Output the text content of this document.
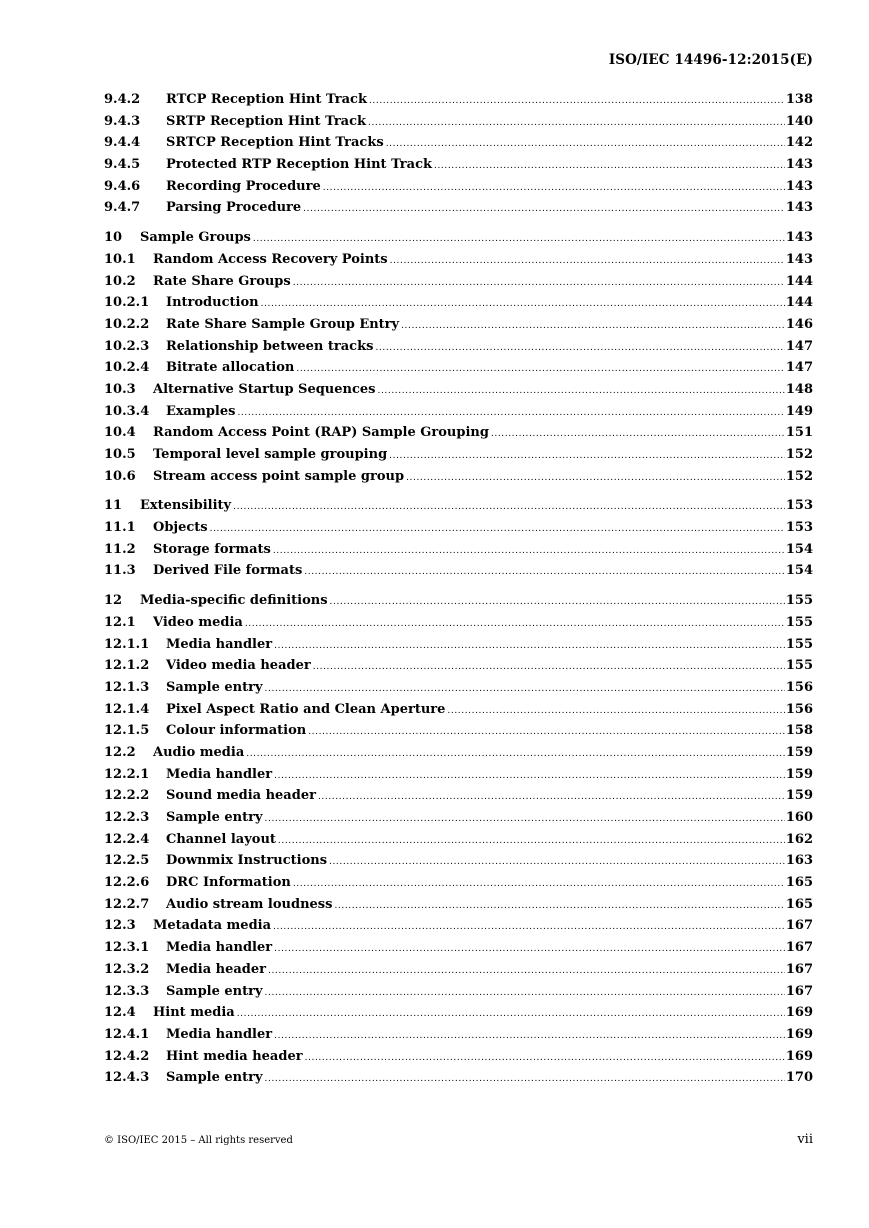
ISO/IEC 14496-12:2015(E)
9.4.2	RTCP Reception Hint Track .....	138
9.4.3	SRTP Reception Hint Track .....	140
9.4.4	SRTCP Reception Hint Tracks .....	142
9.4.5	Protected RTP Reception Hint Track .....	143
9.4.6	Recording Procedure .....	143
9.4.7	Parsing Procedure .....	143
10	Sample Groups .....	143
10.1	Random Access Recovery Points .....	143
10.2	Rate Share Groups .....	144
10.2.1	Introduction .....	144
10.2.2	Rate Share Sample Group Entry .....	146
10.2.3	Relationship between tracks .....	147
10.2.4	Bitrate allocation .....	147
10.3	Alternative Startup Sequences .....	148
10.3.4	Examples .....	149
10.4	Random Access Point (RAP) Sample Grouping .....	151
10.5	Temporal level sample grouping .....	152
10.6	Stream access point sample group .....	152
11	Extensibility .....	153
11.1	Objects .....	153
11.2	Storage formats .....	154
11.3	Derived File formats .....	154
12	Media-specific definitions .....	155
12.1	Video media .....	155
12.1.1	Media handler .....	155
12.1.2	Video media header .....	155
12.1.3	Sample entry .....	156
12.1.4	Pixel Aspect Ratio and Clean Aperture .....	156
12.1.5	Colour information .....	158
12.2	Audio media .....	159
12.2.1	Media handler .....	159
12.2.2	Sound media header .....	159
12.2.3	Sample entry .....	160
12.2.4	Channel layout .....	162
12.2.5	Downmix Instructions .....	163
12.2.6	DRC Information .....	165
12.2.7	Audio stream loudness .....	165
12.3	Metadata media .....	167
12.3.1	Media handler .....	167
12.3.2	Media header .....	167
12.3.3	Sample entry .....	167
12.4	Hint media .....	169
12.4.1	Media handler .....	169
12.4.2	Hint media header .....	169
12.4.3	Sample entry .....	170
© ISO/IEC 2015 – All rights reserved	vii
